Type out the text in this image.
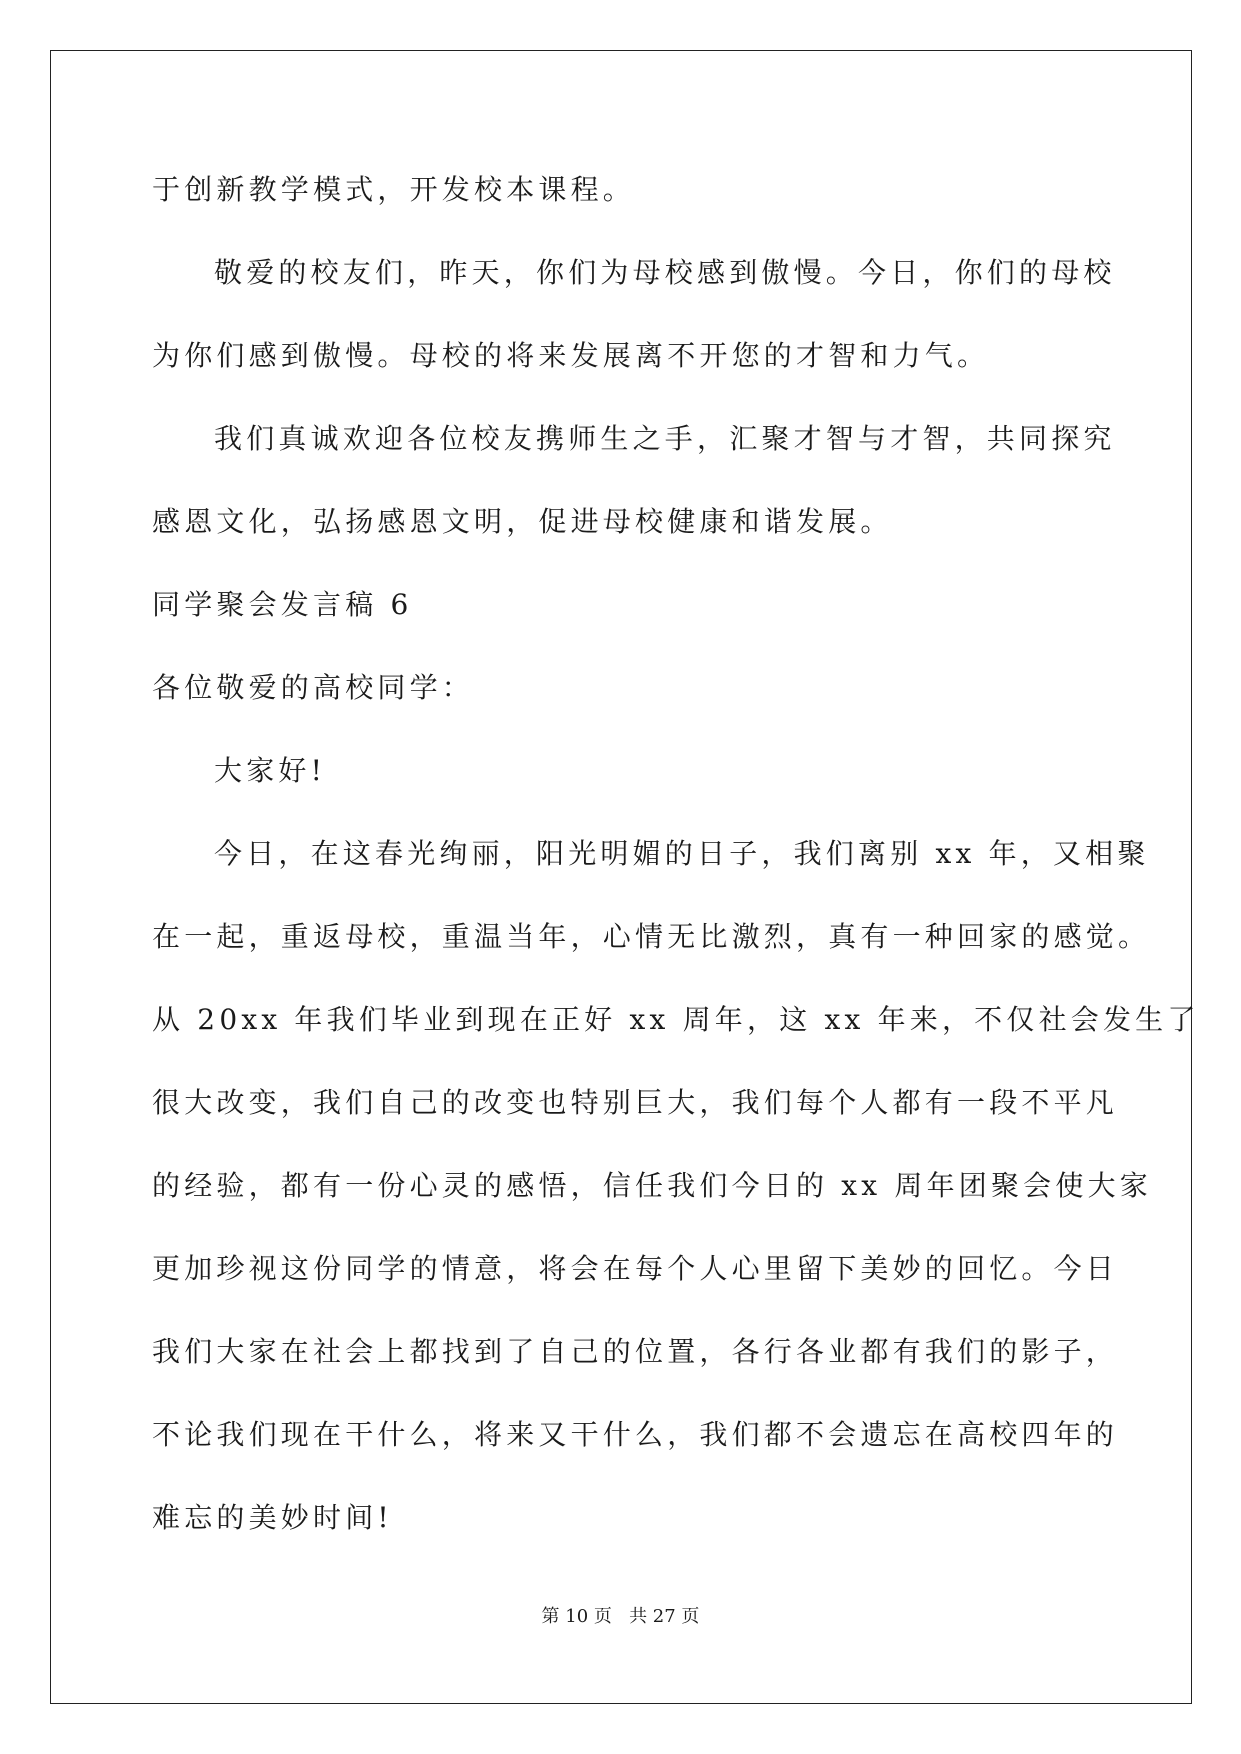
于创新教学模式，开发校本课程。
敬爱的校友们，昨天，你们为母校感到傲慢。今日，你们的母校
为你们感到傲慢。母校的将来发展离不开您的才智和力气。
我们真诚欢迎各位校友携师生之手，汇聚才智与才智，共同探究
感恩文化，弘扬感恩文明，促进母校健康和谐发展。
同学聚会发言稿 6
各位敬爱的高校同学：
大家好!
今日，在这春光绚丽，阳光明媚的日子，我们离别 xx 年，又相聚
在一起，重返母校，重温当年，心情无比激烈，真有一种回家的感觉。
从 20xx 年我们毕业到现在正好 xx 周年，这 xx 年来，不仅社会发生了
很大改变，我们自己的改变也特别巨大，我们每个人都有一段不平凡
的经验，都有一份心灵的感悟，信任我们今日的 xx 周年团聚会使大家
更加珍视这份同学的情意，将会在每个人心里留下美妙的回忆。今日
我们大家在社会上都找到了自己的位置，各行各业都有我们的影子，
不论我们现在干什么，将来又干什么，我们都不会遗忘在高校四年的
难忘的美妙时间!
第 10 页 共 27 页
